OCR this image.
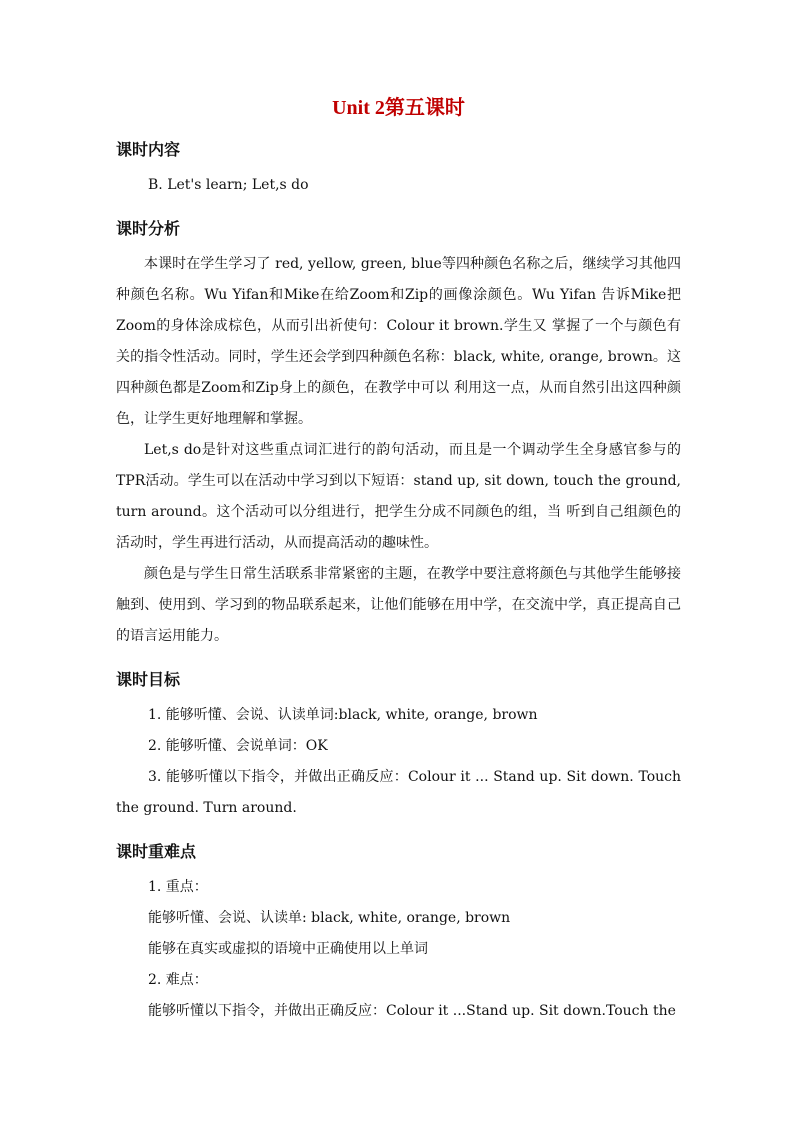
Unit 2第五课时
课时内容
B. Let's learn; Let,s do
课时分析

本课时在学生学习了 red, yellow, green, blue等四种颜色名称之后，继续学习其他四种颜色名称。Wu Yifan和Mike在给Zoom和Zip的画像涂颜色。Wu Yifan 告诉Mike把Zoom的身体涂成棕色，从而引出祈使句：Colour it brown.学生又 掌握了一个与颜色有关的指令性活动。同时，学生还会学到四种颜色名称：black, white, orange, brown。这四种颜色都是Zoom和Zip身上的颜色，在教学中可以 利用这一点，从而自然引出这四种颜色，让学生更好地理解和掌握。

Let,s do是针对这些重点词汇进行的韵句活动，而且是一个调动学生全身感官参与的TPR活动。学生可以在活动中学习到以下短语：stand up, sit down, touch the ground, turn around。这个活动可以分组进行，把学生分成不同颜色的组，当 听到自己组颜色的活动时，学生再进行活动，从而提高活动的趣味性。

颜色是与学生日常生活联系非常紧密的主题，在教学中要注意将颜色与其他学生能够接触到、使用到、学习到的物品联系起来，让他们能够在用中学，在交流中学，真正提高自己的语言运用能力。

课时目标
1. 能够听懂、会说、认读单词:black, white, orange, brown
2. 能够听懂、会说单词：OK
3. 能够听懂以下指令，并做出正确反应：Colour it ... Stand up. Sit down. Touch the ground. Turn around.
课时重难点
1. 重点：
能够听懂、会说、认读单: black, white, orange, brown
能够在真实或虚拟的语境中正确使用以上单词
2. 难点：
能够听懂以下指令，并做出正确反应：Colour it ...Stand up. Sit down.Touch the
